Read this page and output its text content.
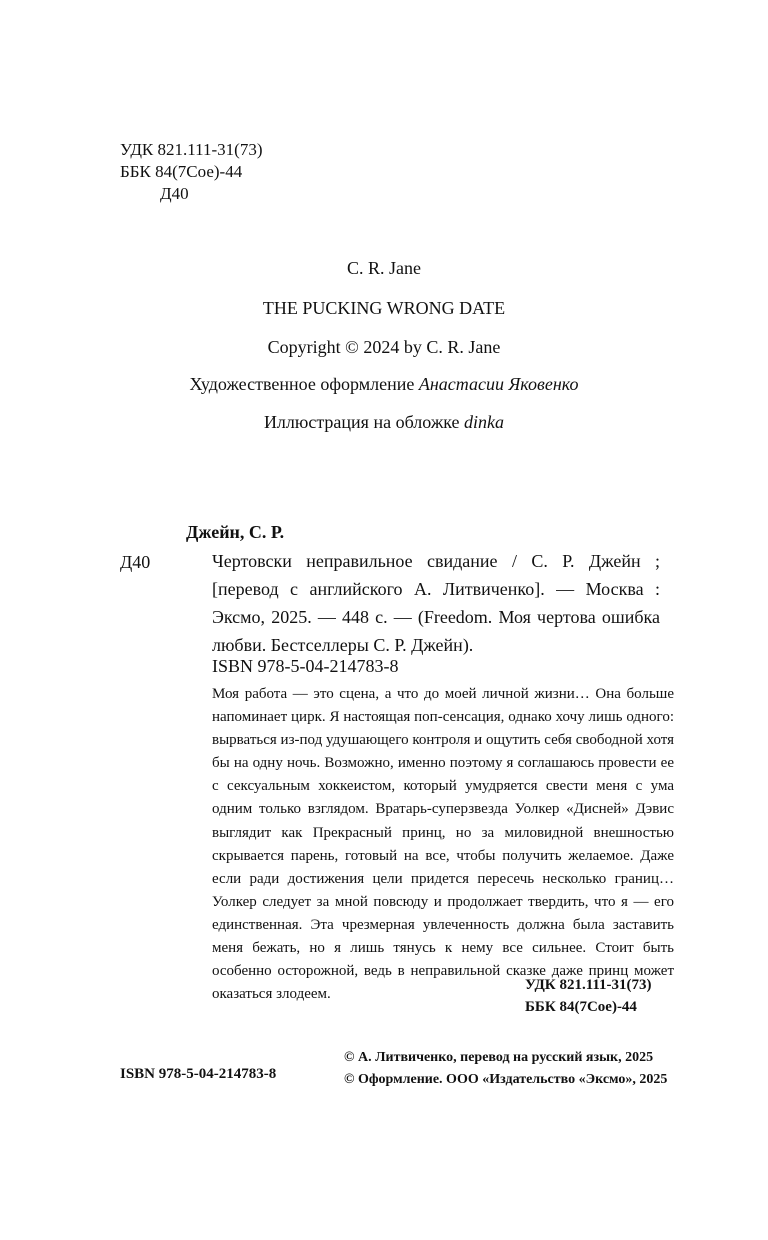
УДК 821.111-31(73)
ББК 84(7Сое)-44
Д40
C. R. Jane
THE PUCKING WRONG DATE
Copyright © 2024 by C. R. Jane
Художественное оформление Анастасии Яковенко
Иллюстрация на обложке dinka
Джейн, С. Р.
Д40	Чертовски неправильное свидание / С. Р. Джейн ; [перевод с английского А. Литвиченко]. — Москва : Эксмо, 2025. — 448 с. — (Freedom. Моя чертова ошибка любви. Бестселлеры С. Р. Джейн).
ISBN 978-5-04-214783-8
Моя работа — это сцена, а что до моей личной жизни… Она больше напоминает цирк. Я настоящая поп-сенсация, однако хочу лишь одного: вырваться из-под удушающего контроля и ощутить себя свободной хотя бы на одну ночь. Возможно, именно поэтому я соглашаюсь провести ее с сексуальным хоккеистом, который умудряется свести меня с ума одним только взглядом. Вратарь-суперзвезда Уолкер «Дисней» Дэвис выглядит как Прекрасный принц, но за миловидной внешностью скрывается парень, готовый на все, чтобы получить желаемое. Даже если ради достижения цели придется пересечь несколько границ… Уолкер следует за мной повсюду и продолжает твердить, что я — его единственная. Эта чрезмерная увлеченность должна была заставить меня бежать, но я лишь тянусь к нему все сильнее. Стоит быть особенно осторожной, ведь в неправильной сказке даже принц может оказаться злодеем.
УДК 821.111-31(73)
ББК 84(7Сое)-44
ISBN 978-5-04-214783-8
© А. Литвиченко, перевод на русский язык, 2025
© Оформление. ООО «Издательство «Эксмо», 2025
